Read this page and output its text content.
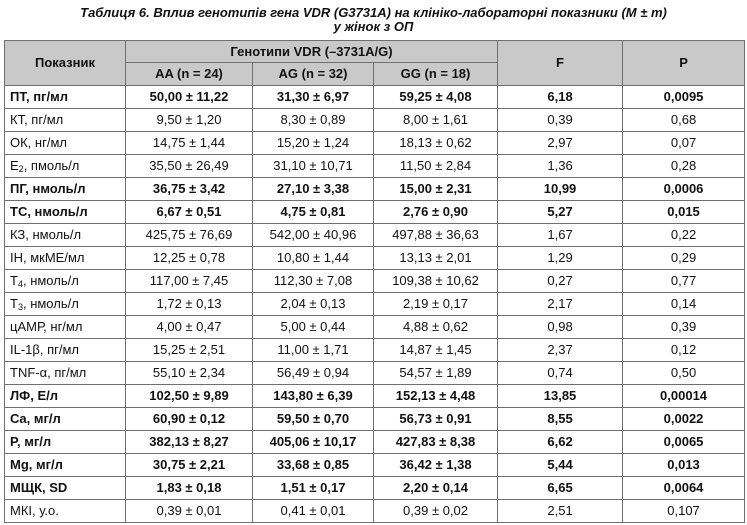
Таблиця 6. Вплив генотипів гена VDR (G3731A) на клініко-лабораторні показники (M ± m)
у жінок з ОП
Показник	Генотипи VDR (–3731A/G)			F	P
	AA (n = 24)	AG (n = 32)	GG (n = 18)		
ПТ, пг/мл	50,00 ± 11,22	31,30 ± 6,97	59,25 ± 4,08	6,18	0,0095
КТ, пг/мл	9,50 ± 1,20	8,30 ± 0,89	8,00 ± 1,61	0,39	0,68
ОК, нг/мл	14,75 ± 1,44	15,20 ± 1,24	18,13 ± 0,62	2,97	0,07
$E_2$, пмоль/л	35,50 ± 26,49	31,10 ± 10,71	11,50 ± 2,84	1,36	0,28
ПГ, нмоль/л	36,75 ± 3,42	27,10 ± 3,38	15,00 ± 2,31	10,99	0,0006
ТС, нмоль/л	6,67 ± 0,51	4,75 ± 0,81	2,76 ± 0,90	5,27	0,015
КЗ, нмоль/л	425,75 ± 76,69	542,00 ± 40,96	497,88 ± 36,63	1,67	0,22
ІН, мкМЕ/мл	12,25 ± 0,78	10,80 ± 1,44	13,13 ± 2,01	1,29	0,29
$T_4$, нмоль/л	117,00 ± 7,45	112,30 ± 7,08	109,38 ± 10,62	0,27	0,77
$T_3$, нмоль/л	1,72 ± 0,13	2,04 ± 0,13	2,19 ± 0,17	2,17	0,14
цАМР, нг/мл	4,00 ± 0,47	5,00 ± 0,44	4,88 ± 0,62	0,98	0,39
IL-1β, пг/мл	15,25 ± 2,51	11,00 ± 1,71	14,87 ± 1,45	2,37	0,12
TNF-α, пг/мл	55,10 ± 2,34	56,49 ± 0,94	54,57 ± 1,89	0,74	0,50
ЛФ, Е/л	102,50 ± 9,89	143,80 ± 6,39	152,13 ± 4,48	13,85	0,00014
Ca, мг/л	60,90 ± 0,12	59,50 ± 0,70	56,73 ± 0,91	8,55	0,0022
P, мг/л	382,13 ± 8,27	405,06 ± 10,17	427,83 ± 8,38	6,62	0,0065
Mg, мг/л	30,75 ± 2,21	33,68 ± 0,85	36,42 ± 1,38	5,44	0,013
МЩК, SD	1,83 ± 0,18	1,51 ± 0,17	2,20 ± 0,14	6,65	0,0064
МКІ, у.о.	0,39 ± 0,01	0,41 ± 0,01	0,39 ± 0,02	2,51	0,107
